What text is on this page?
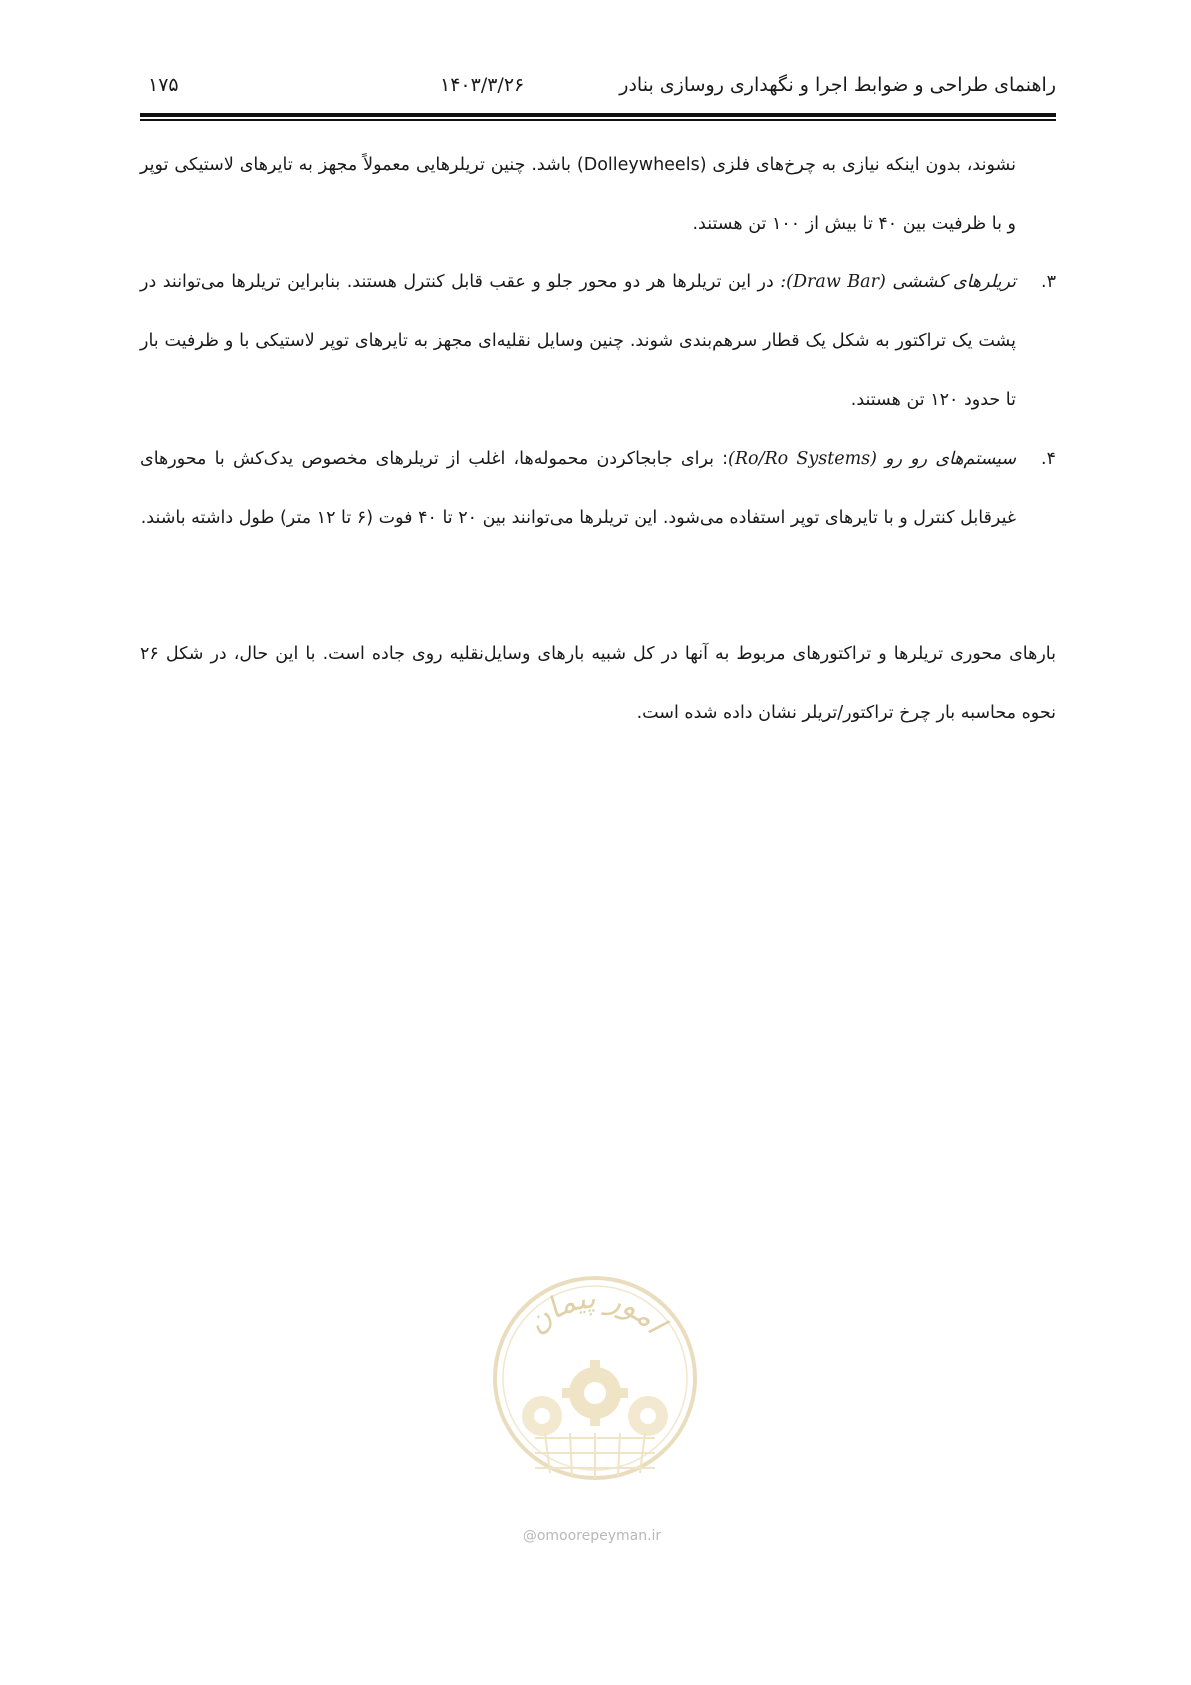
راهنمای طراحی و ضوابط اجرا و نگهداری روسازی بنادر
۱۴۰۳/۳/۲۶
۱۷۵
نشوند، بدون اینکه نیازی به چرخ‌های فلزی (Dolleywheels) باشد. چنین تریلرهایی معمولاً مجهز به تایرهای لاستیکی توپر و با ظرفیت بین ۴۰ تا بیش از ۱۰۰ تن هستند.
۳.
تریلرهای کششی (Draw Bar): در این تریلرها هر دو محور جلو و عقب قابل کنترل هستند. بنابراین تریلرها می‌توانند در پشت یک تراکتور به شکل یک قطار سرهم‌بندی شوند. چنین وسایل نقلیه‌ای مجهز به تایرهای توپر لاستیکی با و ظرفیت بار تا حدود ۱۲۰ تن هستند.
۴.
سیستم‌های رو رو (Ro/Ro Systems): برای جابجاکردن محموله‌ها، اغلب از تریلرهای مخصوص یدک‌کش با محورهای غیرقابل کنترل و با تایرهای توپر استفاده می‌شود. این تریلرها می‌توانند بین ۲۰ تا ۴۰ فوت (۶ تا ۱۲ متر) طول داشته باشند.
بارهای محوری تریلرها و تراکتورهای مربوط به آنها در کل شبیه بارهای وسایل‌نقلیه روی جاده است. با این حال، در شکل ۲۶ نحوه محاسبه بار چرخ تراکتور/تریلر نشان داده شده است.
امور پیمان
@omoorepeyman.ir
